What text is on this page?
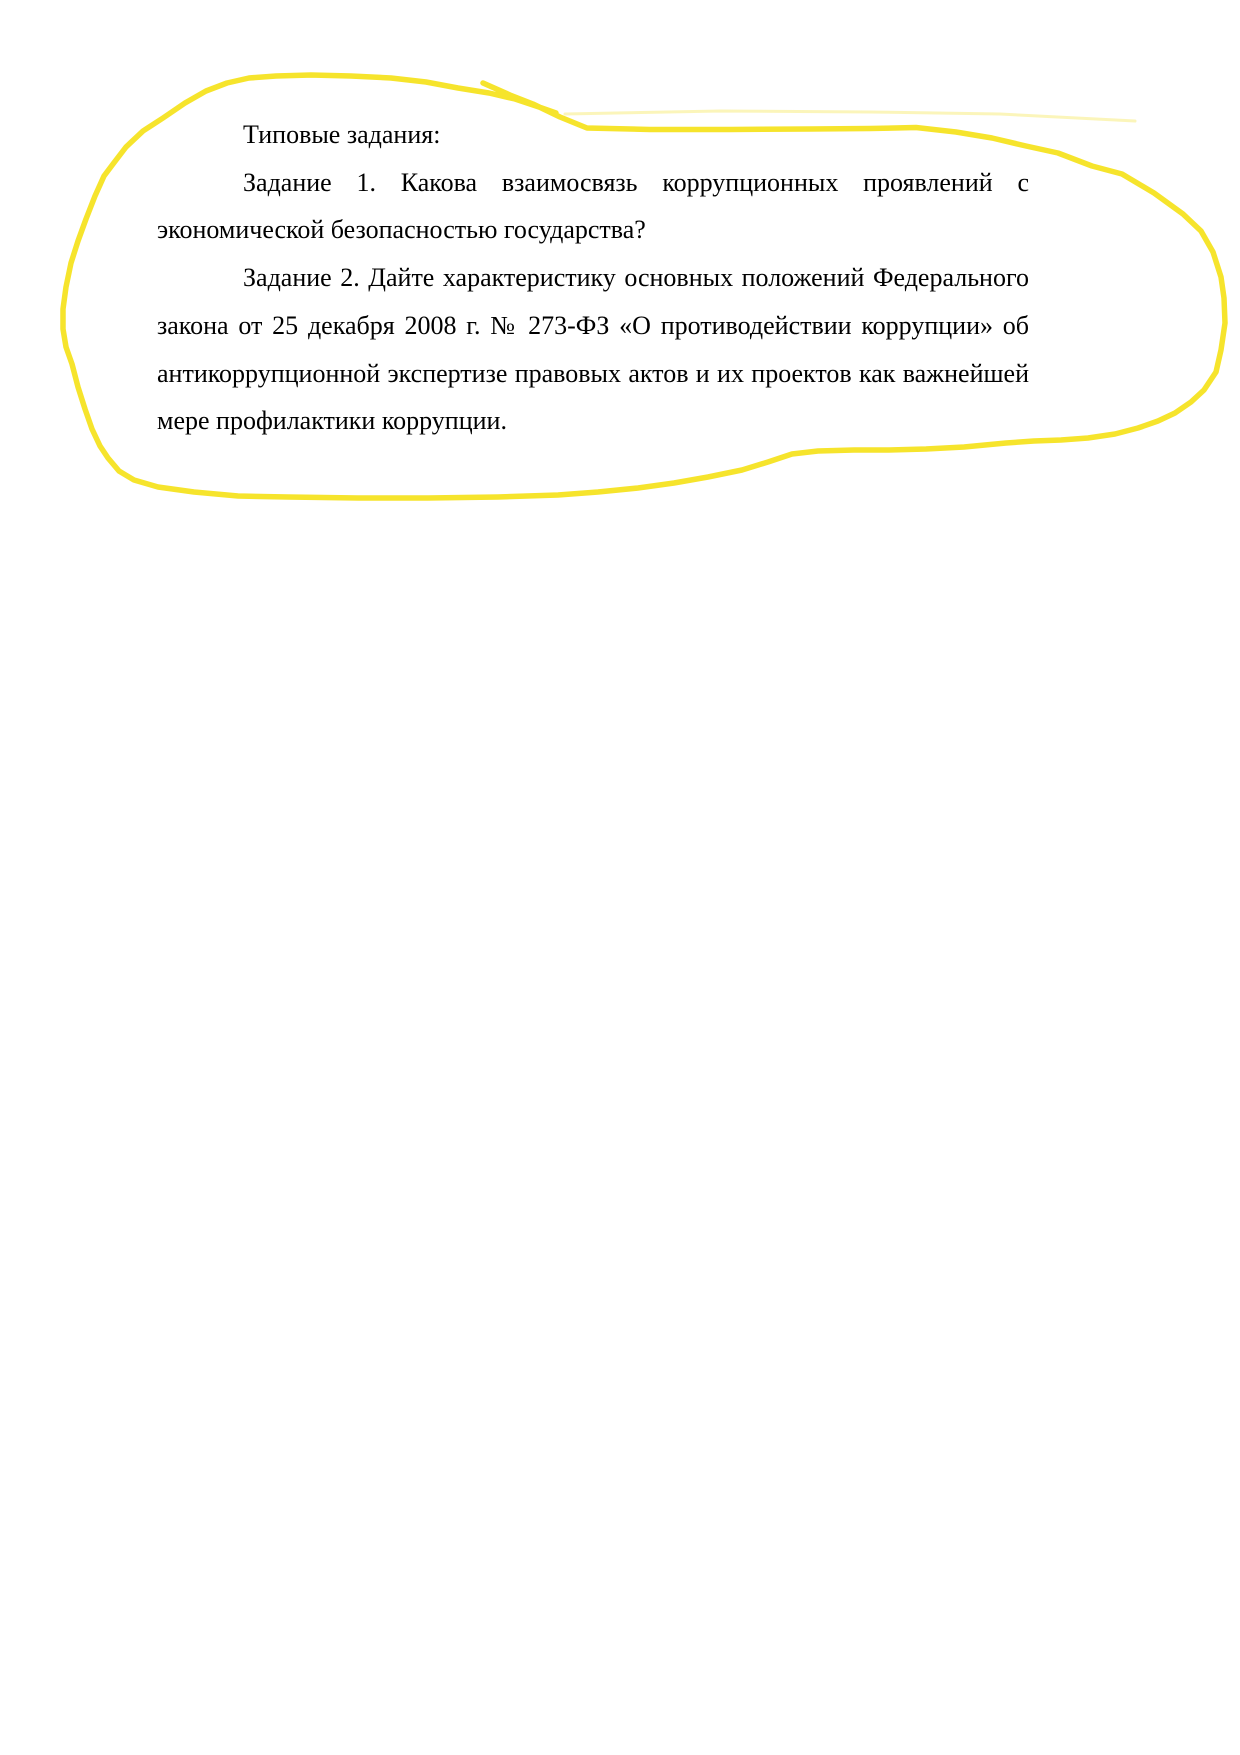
Типовые задания:

Задание 1. Какова взаимосвязь коррупционных проявлений с
экономической безопасностью государства?

Задание 2. Дайте характеристику основных положений Федерального
закона от 25 декабря 2008 г. № 273-ФЗ «О противодействии коррупции» об
антикоррупционной экспертизе правовых актов и их проектов как важнейшей
мере профилактики коррупции.
